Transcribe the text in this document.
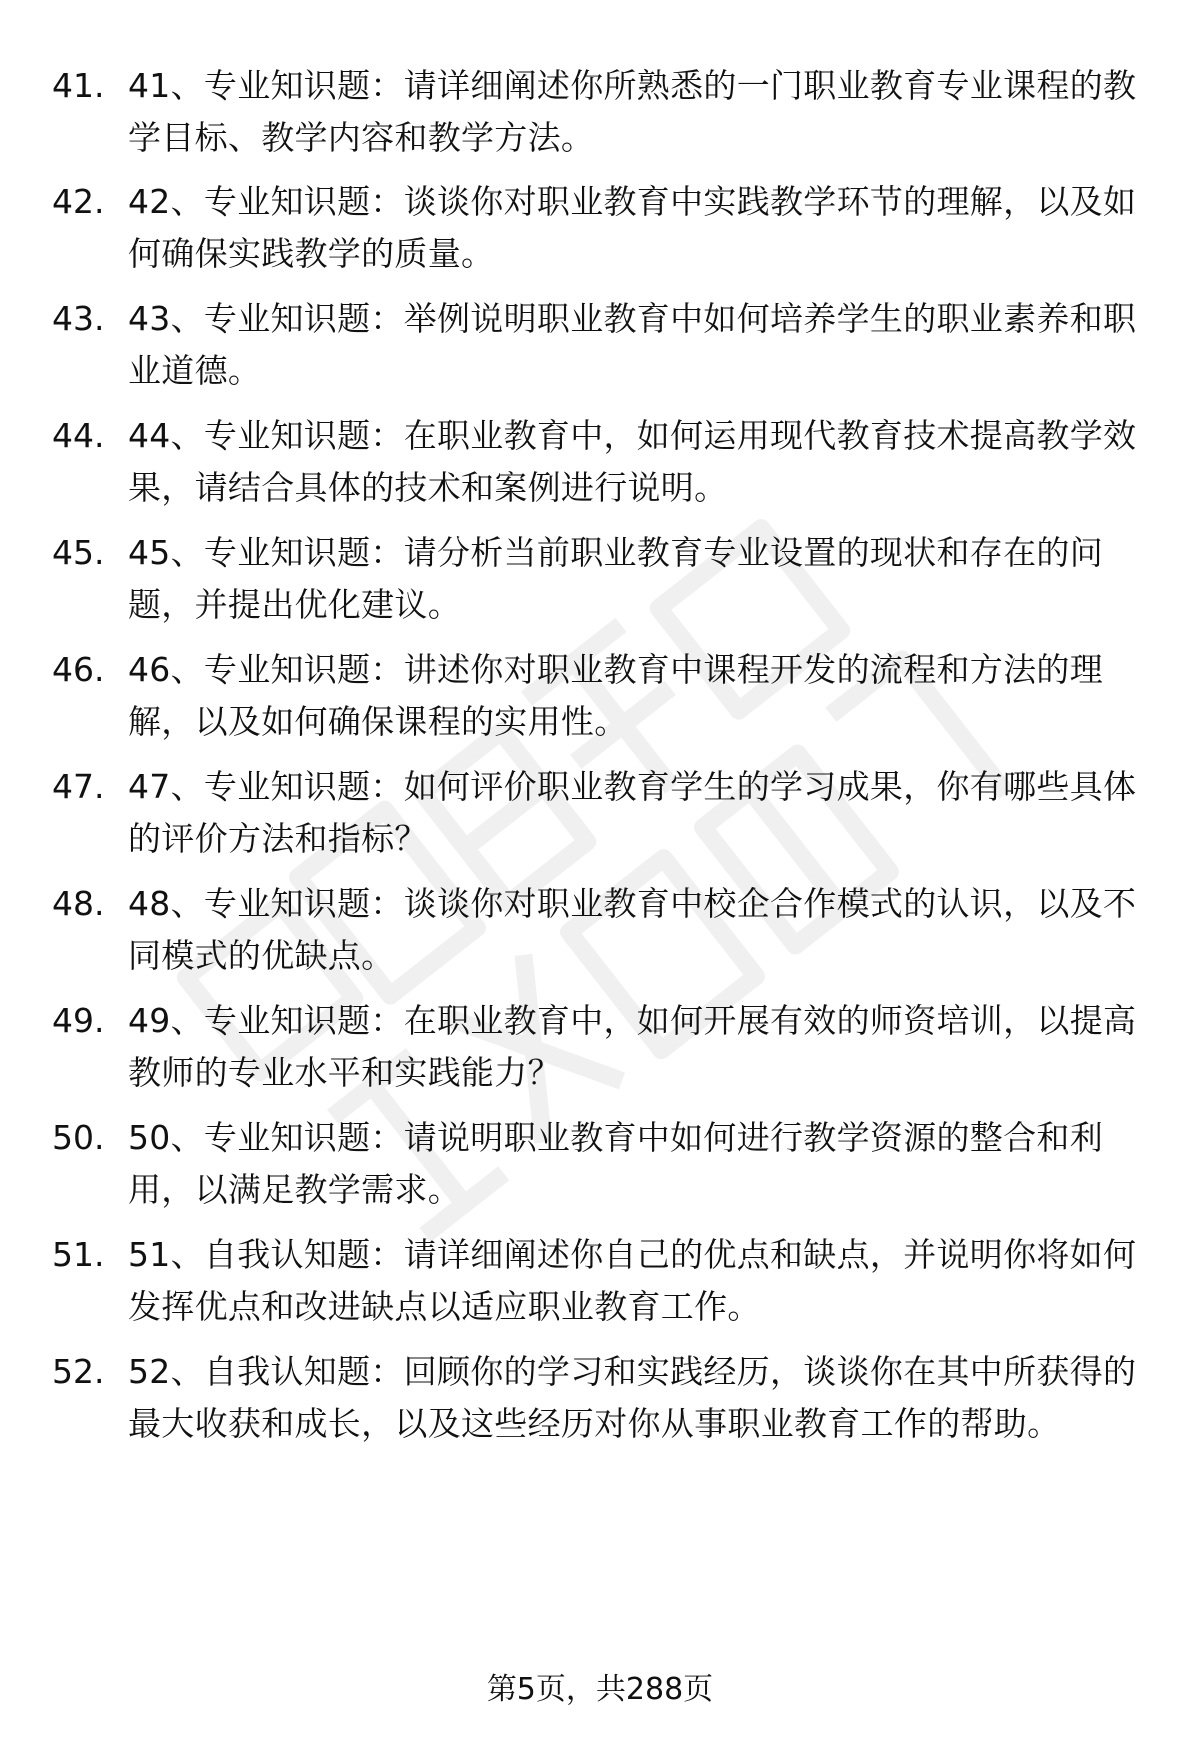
41. 41、专业知识题：请详细阐述你所熟悉的一门职业教育专业课程的教学目标、教学内容和教学方法。
42. 42、专业知识题：谈谈你对职业教育中实践教学环节的理解，以及如何确保实践教学的质量。
43. 43、专业知识题：举例说明职业教育中如何培养学生的职业素养和职业道德。
44. 44、专业知识题：在职业教育中，如何运用现代教育技术提高教学效果，请结合具体的技术和案例进行说明。
45. 45、专业知识题：请分析当前职业教育专业设置的现状和存在的问题，并提出优化建议。
46. 46、专业知识题：讲述你对职业教育中课程开发的流程和方法的理解，以及如何确保课程的实用性。
47. 47、专业知识题：如何评价职业教育学生的学习成果，你有哪些具体的评价方法和指标？
48. 48、专业知识题：谈谈你对职业教育中校企合作模式的认识，以及不同模式的优缺点。
49. 49、专业知识题：在职业教育中，如何开展有效的师资培训，以提高教师的专业水平和实践能力？
50. 50、专业知识题：请说明职业教育中如何进行教学资源的整合和利用，以满足教学需求。
51. 51、自我认知题：请详细阐述你自己的优点和缺点，并说明你将如何发挥优点和改进缺点以适应职业教育工作。
52. 52、自我认知题：回顾你的学习和实践经历，谈谈你在其中所获得的最大收获和成长，以及这些经历对你从事职业教育工作的帮助。
第5页，共288页
